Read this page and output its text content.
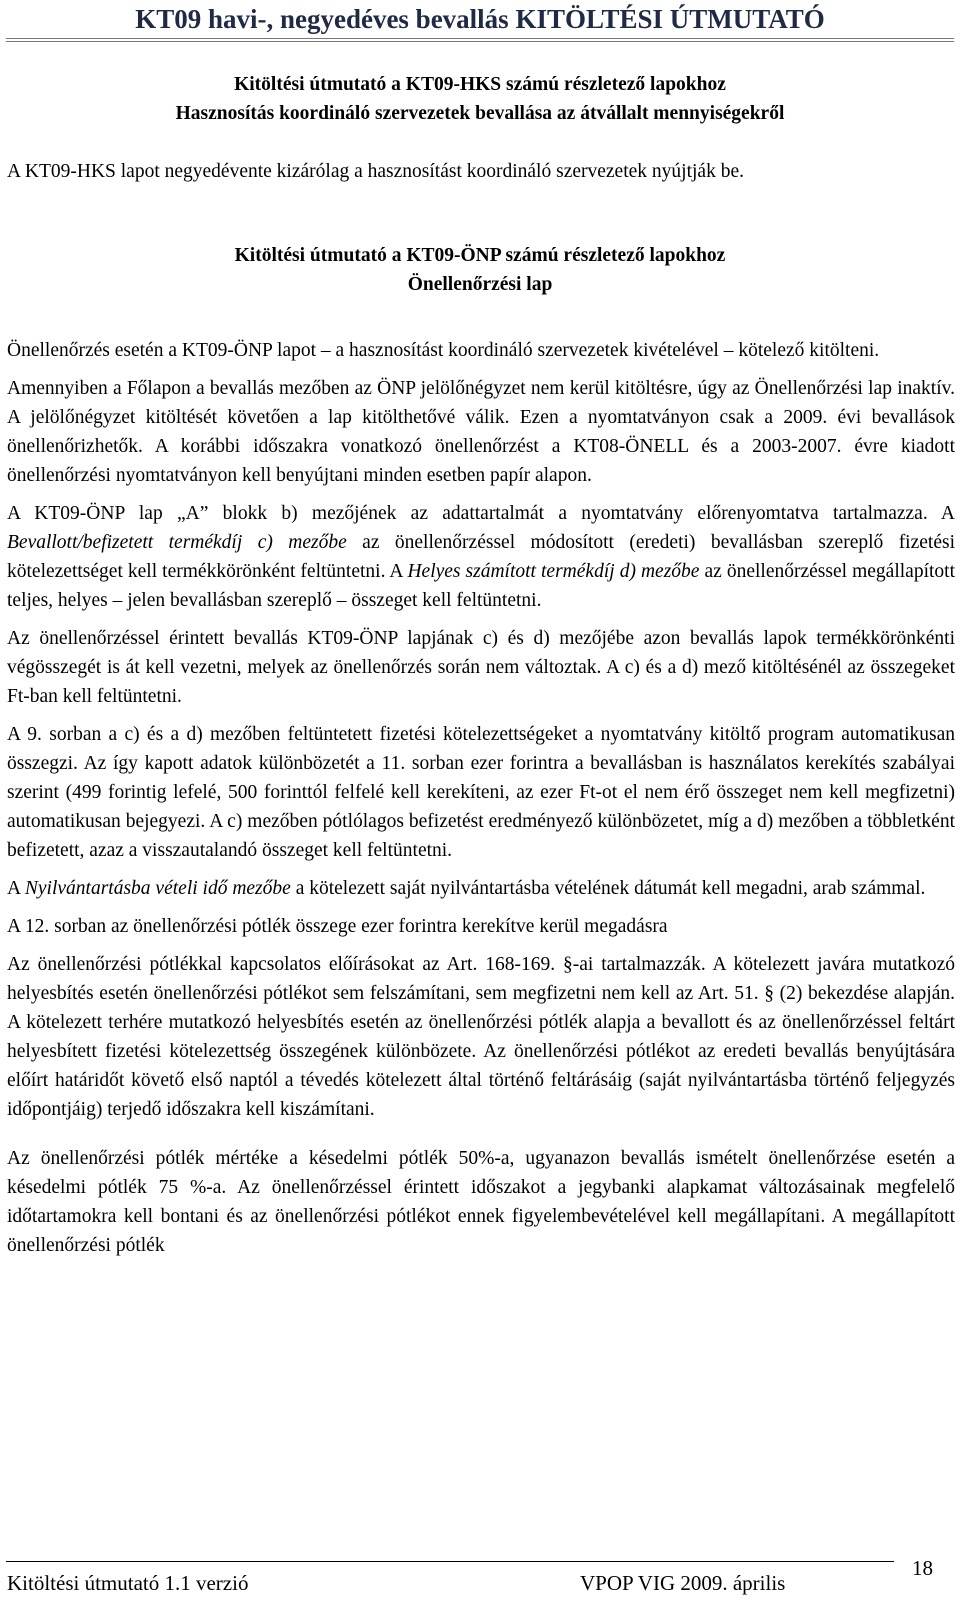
KT09 havi-, negyedéves bevallás KITÖLTÉSI ÚTMUTATÓ
Kitöltési útmutató a KT09-HKS számú részletező lapokhoz
Hasznosítás koordináló szervezetek bevallása az átvállalt mennyiségekről

A KT09-HKS lapot negyedévente kizárólag a hasznosítást koordináló szervezetek nyújtják be.

Kitöltési útmutató a KT09-ÖNP számú részletező lapokhoz
Önellenőrzési lap

Önellenőrzés esetén a KT09-ÖNP lapot – a hasznosítást koordináló szervezetek kivételével – kötelező kitölteni.

Amennyiben a Főlapon a bevallás mezőben az ÖNP jelölőnégyzet nem kerül kitöltésre, úgy az Önellenőrzési lap inaktív. A jelölőnégyzet kitöltését követően a lap kitölthetővé válik. Ezen a nyomtatványon csak a 2009. évi bevallások önellenőrizhetők. A korábbi időszakra vonatkozó önellenőrzést a KT08-ÖNELL és a 2003-2007. évre kiadott önellenőrzési nyomtatványon kell benyújtani minden esetben papír alapon.

A KT09-ÖNP lap „A” blokk b) mezőjének az adattartalmát a nyomtatvány előrenyomtatva tartalmazza. A Bevallott/befizetett termékdíj c) mezőbe az önellenőrzéssel módosított (eredeti) bevallásban szereplő fizetési kötelezettséget kell termékkörönként feltüntetni. A Helyes számított termékdíj d) mezőbe az önellenőrzéssel megállapított teljes, helyes – jelen bevallásban szereplő – összeget kell feltüntetni.

Az önellenőrzéssel érintett bevallás KT09-ÖNP lapjának c) és d) mezőjébe azon bevallás lapok termékkörönkénti végösszegét is át kell vezetni, melyek az önellenőrzés során nem változtak. A c) és a d) mező kitöltésénél az összegeket Ft-ban kell feltüntetni.

A 9. sorban a c) és a d) mezőben feltüntetett fizetési kötelezettségeket a nyomtatvány kitöltő program automatikusan összegzi. Az így kapott adatok különbözetét a 11. sorban ezer forintra a bevallásban is használatos kerekítés szabályai szerint (499 forintig lefelé, 500 forinttól felfelé kell kerekíteni, az ezer Ft-ot el nem érő összeget nem kell megfizetni) automatikusan bejegyezi. A c) mezőben pótlólagos befizetést eredményező különbözetet, míg a d) mezőben a többletként befizetett, azaz a visszautalandó összeget kell feltüntetni.

A Nyilvántartásba vételi idő mezőbe a kötelezett saját nyilvántartásba vételének dátumát kell megadni, arab számmal.

A 12. sorban az önellenőrzési pótlék összege ezer forintra kerekítve kerül megadásra

Az önellenőrzési pótlékkal kapcsolatos előírásokat az Art. 168-169. §-ai tartalmazzák. A kötelezett javára mutatkozó helyesbítés esetén önellenőrzési pótlékot sem felszámítani, sem megfizetni nem kell az Art. 51. § (2) bekezdése alapján. A kötelezett terhére mutatkozó helyesbítés esetén az önellenőrzési pótlék alapja a bevallott és az önellenőrzéssel feltárt helyesbített fizetési kötelezettség összegének különbözete. Az önellenőrzési pótlékot az eredeti bevallás benyújtására előírt határidőt követő első naptól a tévedés kötelezett által történő feltárásáig (saját nyilvántartásba történő feljegyzés időpontjáig) terjedő időszakra kell kiszámítani.

Az önellenőrzési pótlék mértéke a késedelmi pótlék 50%-a, ugyanazon bevallás ismételt önellenőrzése esetén a késedelmi pótlék 75 %-a. Az önellenőrzéssel érintett időszakot a jegybanki alapkamat változásainak megfelelő időtartamokra kell bontani és az önellenőrzési pótlékot ennek figyelembevételével kell megállapítani. A megállapított önellenőrzési pótlék

Kitöltési útmutató 1.1 verzió	VPOP VIG 2009. április
18
